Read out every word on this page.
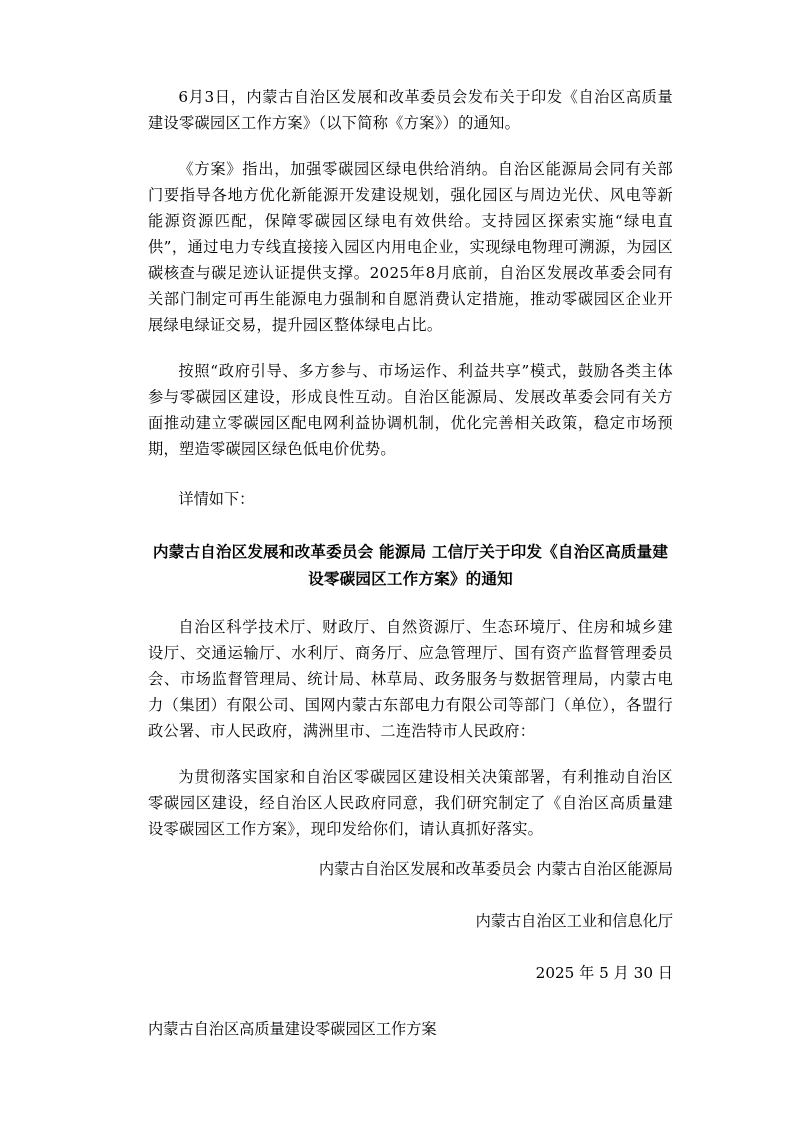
6月3日，内蒙古自治区发展和改革委员会发布关于印发《自治区高质量建设零碳园区工作方案》（以下简称《方案》）的通知。

《方案》指出，加强零碳园区绿电供给消纳。自治区能源局会同有关部门要指导各地方优化新能源开发建设规划，强化园区与周边光伏、风电等新能源资源匹配，保障零碳园区绿电有效供给。支持园区探索实施“绿电直供”，通过电力专线直接接入园区内用电企业，实现绿电物理可溯源，为园区碳核查与碳足迹认证提供支撑。2025年8月底前，自治区发展改革委会同有关部门制定可再生能源电力强制和自愿消费认定措施，推动零碳园区企业开展绿电绿证交易，提升园区整体绿电占比。

按照“政府引导、多方参与、市场运作、利益共享”模式，鼓励各类主体参与零碳园区建设，形成良性互动。自治区能源局、发展改革委会同有关方面推动建立零碳园区配电网利益协调机制，优化完善相关政策，稳定市场预期，塑造零碳园区绿色低电价优势。

详情如下：

内蒙古自治区发展和改革委员会 能源局 工信厅关于印发《自治区高质量建设零碳园区工作方案》的通知

自治区科学技术厅、财政厅、自然资源厅、生态环境厅、住房和城乡建设厅、交通运输厅、水利厅、商务厅、应急管理厅、国有资产监督管理委员会、市场监督管理局、统计局、林草局、政务服务与数据管理局，内蒙古电力（集团）有限公司、国网内蒙古东部电力有限公司等部门（单位），各盟行政公署、市人民政府，满洲里市、二连浩特市人民政府：

为贯彻落实国家和自治区零碳园区建设相关决策部署，有利推动自治区零碳园区建设，经自治区人民政府同意，我们研究制定了《自治区高质量建设零碳园区工作方案》，现印发给你们，请认真抓好落实。

内蒙古自治区发展和改革委员会 内蒙古自治区能源局

内蒙古自治区工业和信息化厅

2025 年 5 月 30 日

内蒙古自治区高质量建设零碳园区工作方案
